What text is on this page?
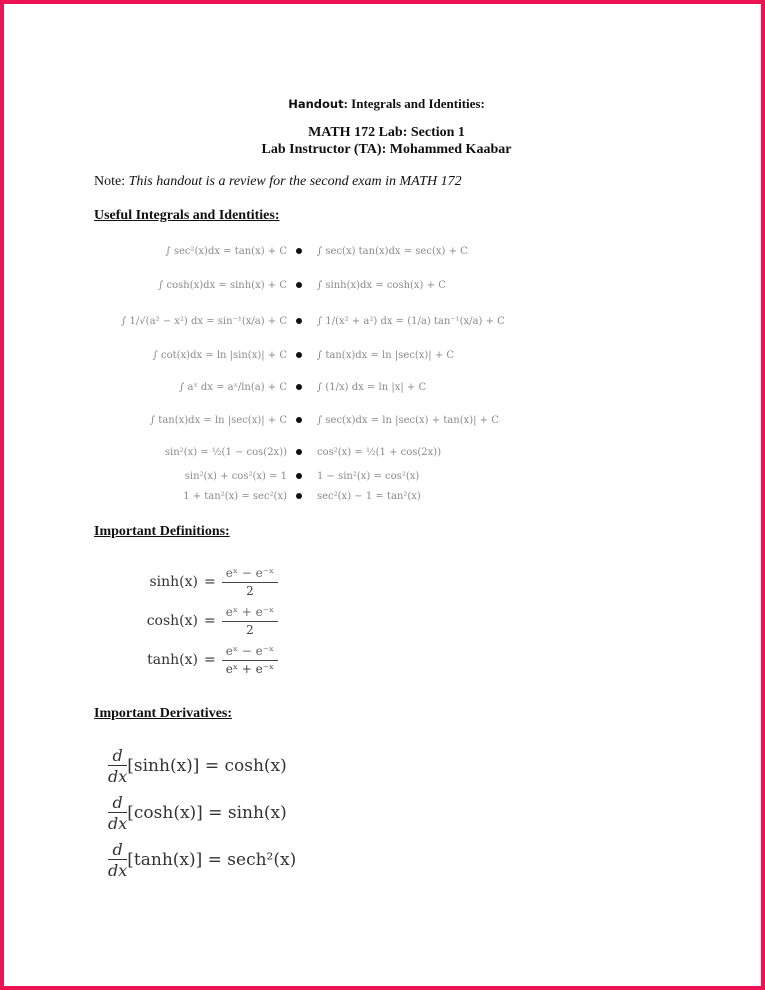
Handout: Integrals and Identities:
MATH 172 Lab: Section 1
Lab Instructor (TA): Mohammed Kaabar
Note: This handout is a review for the second exam in MATH 172
Useful Integrals and Identities:
∫ sec²(x)dx = tan(x) + C	∫ sec(x) tan(x)dx = sec(x) + C
∫ cosh(x)dx = sinh(x) + C	∫ sinh(x)dx = cosh(x) + C
∫ 1/√(a² − x²) dx = sin⁻¹(x/a) + C	∫ 1/(x² + a²) dx = (1/a) tan⁻¹(x/a) + C
∫ cot(x)dx = ln |sin(x)| + C	∫ tan(x)dx = ln |sec(x)| + C
∫ aˣ dx = aˣ/ln(a) + C	∫ (1/x) dx = ln |x| + C
∫ tan(x)dx = ln |sec(x)| + C	∫ sec(x)dx = ln |sec(x) + tan(x)| + C
sin²(x) = ½(1 − cos(2x))	cos²(x) = ½(1 + cos(2x))
sin²(x) + cos²(x) = 1	1 − sin²(x) = cos²(x)
1 + tan²(x) = sec²(x)	sec²(x) − 1 = tan²(x)
Important Definitions:
$\sinh(x) = \frac{\text{eˣ − e⁻ˣ}}{2}$
$\cosh(x) = \frac{\text{eˣ + e⁻ˣ}}{2}$
$\tanh(x) = \frac{\text{eˣ − e⁻ˣ}}{\text{eˣ + e⁻ˣ}}$
Important Derivatives:
$\frac{d}{dx} [\sinh(x)] = \cosh(x)$
$\frac{d}{dx} [\cosh(x)] = \sinh(x)$
$\frac{d}{dx} [\tanh(x)] = \sec h^2(x)$
